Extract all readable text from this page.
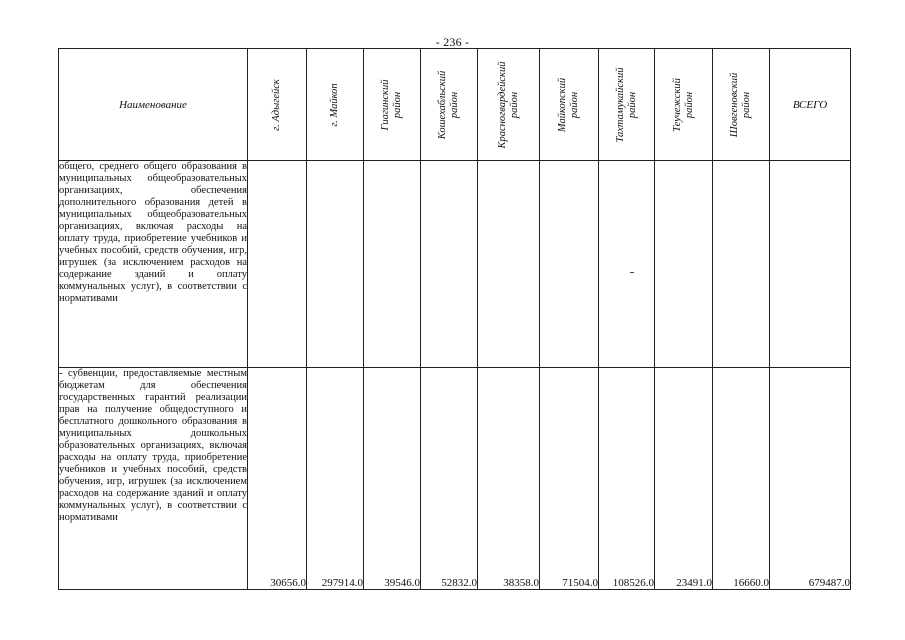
- 236 -
Наименование	г. Адыгейск	г. Майкоп	Гиагинский район	Кошехабльский район	Красногвардейский район	Майкопский район	Тахтамукайский район	Теучежский район	Шовгеновский район	ВСЕГО
общего, среднего общего образования в муниципальных общеобразовательных организациях, обеспечения дополнительного образования детей в муниципальных общеобразовательных организациях, включая расходы на оплату труда, приобретение учебников и учебных пособий, средств обучения, игр, игрушек (за исключением расходов на содержание зданий и оплату коммунальных услуг), в соответствии с нормативами										
- субвенции, предоставляемые местным бюджетам для обеспечения государственных гарантий реализации прав на получение общедоступного и бесплатного дошкольного образования в муниципальных дошкольных образовательных организациях, включая расходы на оплату труда, приобретение учебников и учебных пособий, средств обучения, игр, игрушек (за исключением расходов на содержание зданий и оплату коммунальных услуг), в соответствии с нормативами	30656.0	297914.0	39546.0	52832.0	38358.0	71504.0	108526.0	23491.0	16660.0	679487.0
